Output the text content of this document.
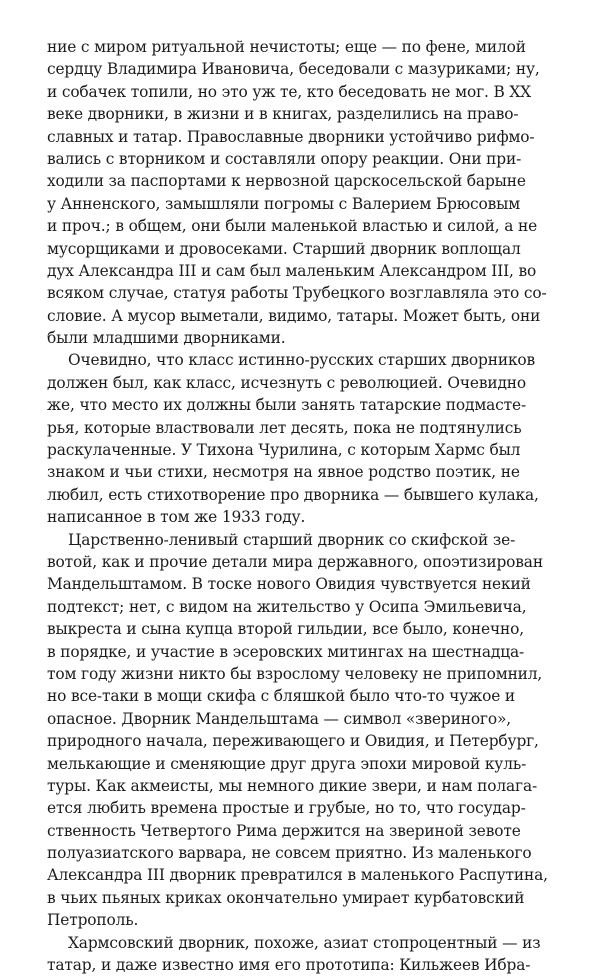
ние с миром ритуальной нечистоты; еще — по фене, милой
сердцу Владимира Ивановича, беседовали с мазуриками; ну,
и собачек топили, но это уж те, кто беседовать не мог. В XX
веке дворники, в жизни и в книгах, разделились на право-
славных и татар. Православные дворники устойчиво рифмо-
вались с вторником и составляли опору реакции. Они при-
ходили за паспортами к нервозной царскосельской барыне
у Анненского, замышляли погромы с Валерием Брюсовым
и проч.; в общем, они были маленькой властью и силой, а не
мусорщиками и дровосеками. Старший дворник воплощал
дух Александра III и сам был маленьким Александром III, во
всяком случае, статуя работы Трубецкого возглавляла это со-
словие. А мусор выметали, видимо, татары. Может быть, они
были младшими дворниками.
Очевидно, что класс истинно-русских старших дворников
должен был, как класс, исчезнуть с революцией. Очевидно
же, что место их должны были занять татарские подмасте-
рья, которые властвовали лет десять, пока не подтянулись
раскулаченные. У Тихона Чурилина, с которым Хармс был
знаком и чьи стихи, несмотря на явное родство поэтик, не
любил, есть стихотворение про дворника — бывшего кулака,
написанное в том же 1933 году.
Царственно-ленивый старший дворник со скифской зе-
вотой, как и прочие детали мира державного, опоэтизирован
Мандельштамом. В тоске нового Овидия чувствуется некий
подтекст; нет, с видом на жительство у Осипа Эмильевича,
выкреста и сына купца второй гильдии, все было, конечно,
в порядке, и участие в эсеровских митингах на шестнадца-
том году жизни никто бы взрослому человеку не припомнил,
но все-таки в мощи скифа с бляшкой было что-то чужое и
опасное. Дворник Мандельштама — символ «звериного»,
природного начала, переживающего и Овидия, и Петербург,
мелькающие и сменяющие друг друга эпохи мировой куль-
туры. Как акмеисты, мы немного дикие звери, и нам полага-
ется любить времена простые и грубые, но то, что государ-
ственность Четвертого Рима держится на звериной зевоте
полуазиатского варвара, не совсем приятно. Из маленького
Александра III дворник превратился в маленького Распутина,
в чьих пьяных криках окончательно умирает курбатовский
Петрополь.
Хармсовский дворник, похоже, азиат стопроцентный — из
татар, и даже известно имя его прототипа: Кильжеев Ибра-
